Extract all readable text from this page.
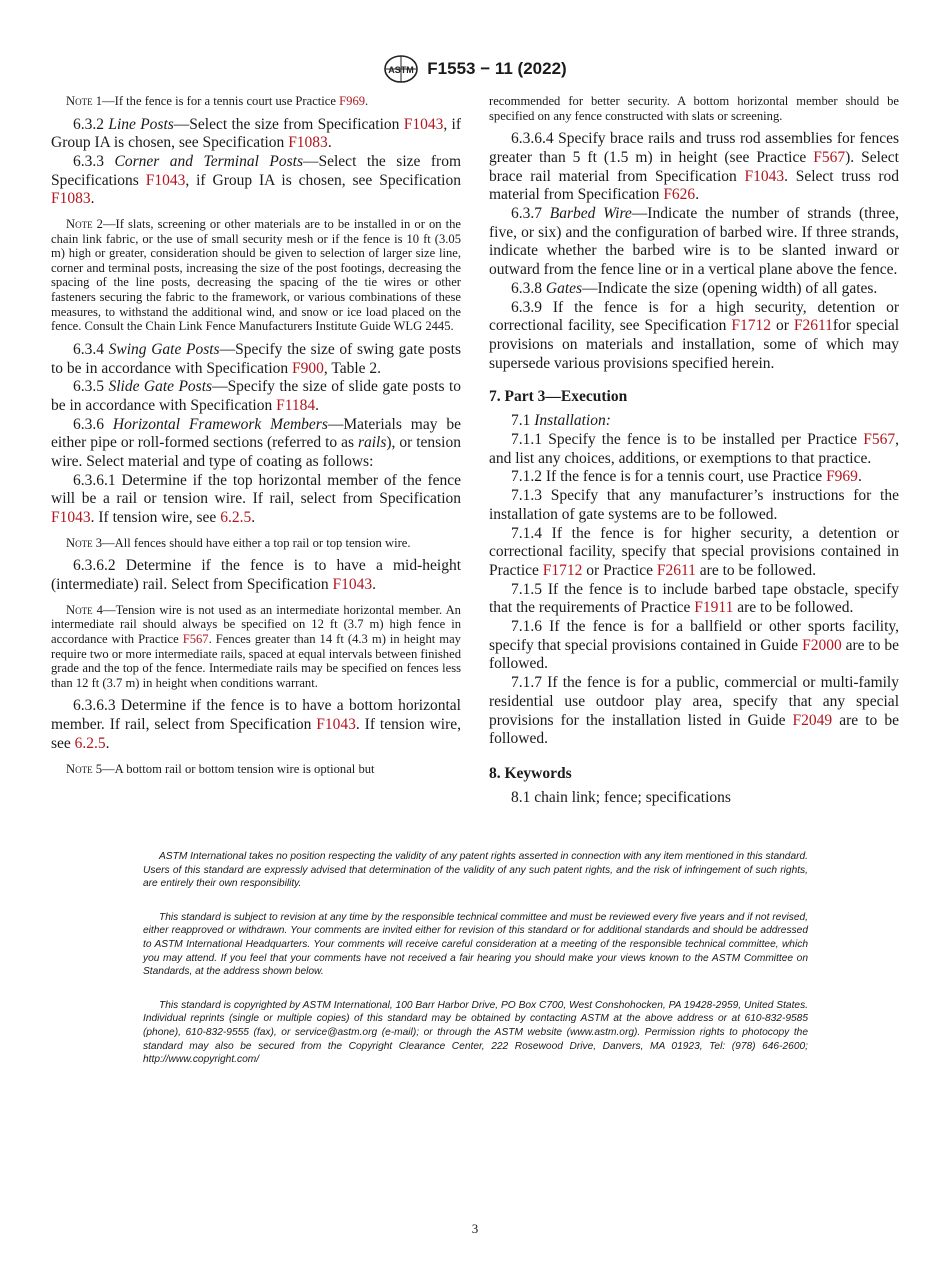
ASTM F1553 − 11 (2022)

Note 1—If the fence is for a tennis court use Practice F969.

6.3.2 Line Posts—Select the size from Specification F1043, if Group IA is chosen, see Specification F1083.

6.3.3 Corner and Terminal Posts—Select the size from Specifications F1043, if Group IA is chosen, see Specification F1083.

Note 2—If slats, screening or other materials are to be installed in or on the chain link fabric, or the use of small security mesh or if the fence is 10 ft (3.05 m) high or greater, consideration should be given to selection of larger size line, corner and terminal posts, increasing the size of the post footings, decreasing the spacing of the line posts, decreasing the spacing of the tie wires or other fasteners securing the fabric to the framework, or various combinations of these measures, to withstand the additional wind, and snow or ice load placed on the fence. Consult the Chain Link Fence Manufacturers Institute Guide WLG 2445.

6.3.4 Swing Gate Posts—Specify the size of swing gate posts to be in accordance with Specification F900, Table 2.

6.3.5 Slide Gate Posts—Specify the size of slide gate posts to be in accordance with Specification F1184.

6.3.6 Horizontal Framework Members—Materials may be either pipe or roll-formed sections (referred to as rails), or tension wire. Select material and type of coating as follows:

6.3.6.1 Determine if the top horizontal member of the fence will be a rail or tension wire. If rail, select from Specification F1043. If tension wire, see 6.2.5.

Note 3—All fences should have either a top rail or top tension wire.

6.3.6.2 Determine if the fence is to have a mid-height (intermediate) rail. Select from Specification F1043.

Note 4—Tension wire is not used as an intermediate horizontal member. An intermediate rail should always be specified on 12 ft (3.7 m) high fence in accordance with Practice F567. Fences greater than 14 ft (4.3 m) in height may require two or more intermediate rails, spaced at equal intervals between finished grade and the top of the fence. Intermediate rails may be specified on fences less than 12 ft (3.7 m) in height when conditions warrant.

6.3.6.3 Determine if the fence is to have a bottom horizontal member. If rail, select from Specification F1043. If tension wire, see 6.2.5.

Note 5—A bottom rail or bottom tension wire is optional but

recommended for better security. A bottom horizontal member should be specified on any fence constructed with slats or screening.

6.3.6.4 Specify brace rails and truss rod assemblies for fences greater than 5 ft (1.5 m) in height (see Practice F567). Select brace rail material from Specification F1043. Select truss rod material from Specification F626.

6.3.7 Barbed Wire—Indicate the number of strands (three, five, or six) and the configuration of barbed wire. If three strands, indicate whether the barbed wire is to be slanted inward or outward from the fence line or in a vertical plane above the fence.

6.3.8 Gates—Indicate the size (opening width) of all gates.

6.3.9 If the fence is for a high security, detention or correctional facility, see Specification F1712 or F2611for special provisions on materials and installation, some of which may supersede various provisions specified herein.

7. Part 3—Execution

7.1 Installation:

7.1.1 Specify the fence is to be installed per Practice F567, and list any choices, additions, or exemptions to that practice.

7.1.2 If the fence is for a tennis court, use Practice F969.

7.1.3 Specify that any manufacturer’s instructions for the installation of gate systems are to be followed.

7.1.4 If the fence is for higher security, a detention or correctional facility, specify that special provisions contained in Practice F1712 or Practice F2611 are to be followed.

7.1.5 If the fence is to include barbed tape obstacle, specify that the requirements of Practice F1911 are to be followed.

7.1.6 If the fence is for a ballfield or other sports facility, specify that special provisions contained in Guide F2000 are to be followed.

7.1.7 If the fence is for a public, commercial or multi-family residential use outdoor play area, specify that any special provisions for the installation listed in Guide F2049 are to be followed.

8. Keywords

8.1 chain link; fence; specifications

ASTM International takes no position respecting the validity of any patent rights asserted in connection with any item mentioned in this standard. Users of this standard are expressly advised that determination of the validity of any such patent rights, and the risk of infringement of such rights, are entirely their own responsibility.

This standard is subject to revision at any time by the responsible technical committee and must be reviewed every five years and if not revised, either reapproved or withdrawn. Your comments are invited either for revision of this standard or for additional standards and should be addressed to ASTM International Headquarters. Your comments will receive careful consideration at a meeting of the responsible technical committee, which you may attend. If you feel that your comments have not received a fair hearing you should make your views known to the ASTM Committee on Standards, at the address shown below.

This standard is copyrighted by ASTM International, 100 Barr Harbor Drive, PO Box C700, West Conshohocken, PA 19428-2959, United States. Individual reprints (single or multiple copies) of this standard may be obtained by contacting ASTM at the above address or at 610-832-9585 (phone), 610-832-9555 (fax), or service@astm.org (e-mail); or through the ASTM website (www.astm.org). Permission rights to photocopy the standard may also be secured from the Copyright Clearance Center, 222 Rosewood Drive, Danvers, MA 01923, Tel: (978) 646-2600; http://www.copyright.com/

3
